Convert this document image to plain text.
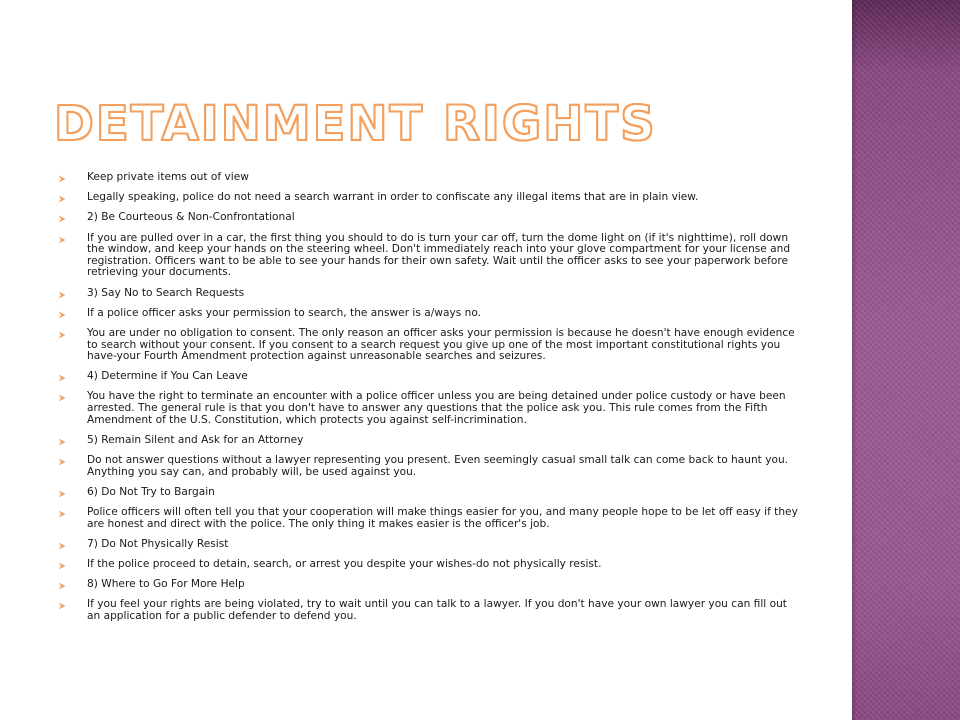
DETAINMENT RIGHTS
Keep private items out of view
Legally speaking, police do not need a search warrant in order to confiscate any illegal items that are in plain view.
2) Be Courteous & Non-Confrontational
If you are pulled over in a car, the first thing you should to do is turn your car off, turn the dome light on (if it's nighttime), roll down the window, and keep your hands on the steering wheel. Don't immediately reach into your glove compartment for your license and registration. Officers want to be able to see your hands for their own safety. Wait until the officer asks to see your paperwork before retrieving your documents.
3) Say No to Search Requests
If a police officer asks your permission to search, the answer is a/ways no.
You are under no obligation to consent. The only reason an officer asks your permission is because he doesn't have enough evidence to search without your consent. If you consent to a search request you give up one of the most important constitutional rights you have-your Fourth Amendment protection against unreasonable searches and seizures.
4) Determine if You Can Leave
You have the right to terminate an encounter with a police officer unless you are being detained under police custody or have been arrested. The general rule is that you don't have to answer any questions that the police ask you. This rule comes from the Fifth Amendment of the U.S. Constitution, which protects you against self-incrimination.
5) Remain Silent and Ask for an Attorney
Do not answer questions without a lawyer representing you present. Even seemingly casual small talk can come back to haunt you. Anything you say can, and probably will, be used against you.
6) Do Not Try to Bargain
Police officers will often tell you that your cooperation will make things easier for you, and many people hope to be let off easy if they are honest and direct with the police. The only thing it makes easier is the officer's job.
7) Do Not Physically Resist
If the police proceed to detain, search, or arrest you despite your wishes-do not physically resist.
8) Where to Go For More Help
If you feel your rights are being violated, try to wait until you can talk to a lawyer. If you don't have your own lawyer you can fill out an application for a public defender to defend you.
